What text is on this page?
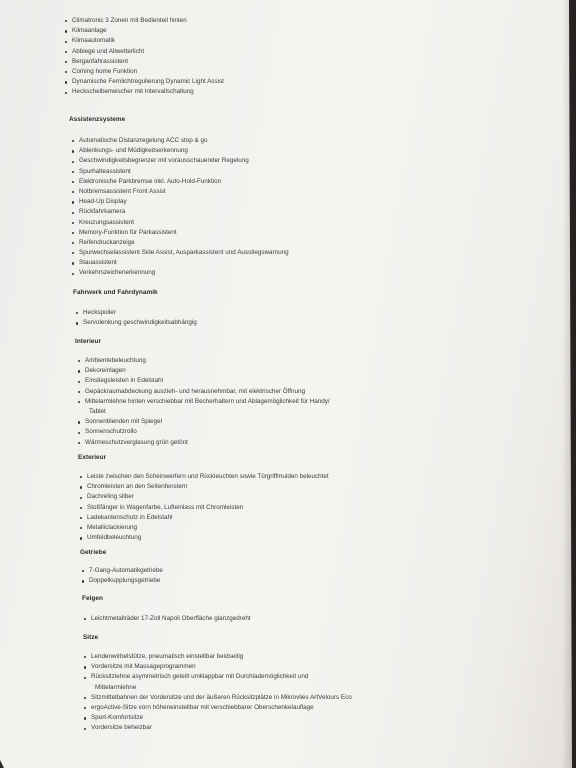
Climatronic 3 Zonen mit Bedienteil hinten
Klimaanlage
Klimaautomatik
Abbiege und Allwetterlicht
Berganfahrassistent
Coming home Funktion
Dynamische Fernlichtregulierung Dynamic Light Assist
Heckscheibenwischer mit Intervallschaltung
Assistenzsysteme
Automatische Distanzregelung ACC stop & go
Ablenkungs- und Müdigkeitserkennung
Geschwindigkeitsbegrenzer mit vorausschauender Regelung
Spurhalteassistent
Elektronische Parkbremse inkl. Auto-Hold-Funktion
Notbremsassistent Front Assist
Head-Up Display
Rückfahrkamera
Kreuzungsassistent
Memory-Funktion für Parkassistent
Reifendruckanzeige
Spurwechselassistent Side Assist, Ausparkassistent und Ausstiegswarnung
Stauassistent
Verkehrszeichenerkennung
Fahrwerk und Fahrdynamik
Heckspoiler
Servolenkung geschwindigkeitsabhängig
Interieur
Ambientebeleuchtung
Dekoreinlagen
Einstiegsleisten in Edelstahl
Gepäckraumabdeckung auszieh- und herausnehmbar, mit elektrischer Öffnung
Mittelarmlehne hinten verschiebbar mit Becherhaltern und Ablagemöglichkeit für Handy/
Tablet
Sonnenblenden mit Spiegel
Sonnenschutzrollo
Wärmeschutzverglasung grün getönt
Exterieur
Leiste zwischen den Scheinwerfern und Rückleuchten sowie Türgriffmulden beleuchtet
Chromleisten an den Seitenfenstern
Dachreling silber
Stoßfänger in Wagenfarbe, Lufteinlass mit Chromleisten
Ladekantenschutz in Edelstahl
Metalliclackierung
Umfeldbeleuchtung
Getriebe
7-Gang-Automatikgetriebe
Doppelkupplungsgetriebe
Felgen
Leichtmetallräder 17-Zoll Napoli Oberfläche glanzgedreht
Sitze
Lendenwirbelstütze, pneumatisch einstellbar beidseitig
Vordersitze mit Massageprogrammen
Rücksitzlehne asymmetrisch geteilt umklappbar mit Durchlademöglichkeit und
Mittelarmlehne
Sitzmittelbahnen der Vordersitze und der äußeren Rücksitzplätze in Mikrovlies ArtVelours Eco
ergoActive-Sitze vorn höheneinstellbar mit verschiebbarer Oberschenkelauflage
Sport-Komfortsitze
Vordersitze beheizbar
